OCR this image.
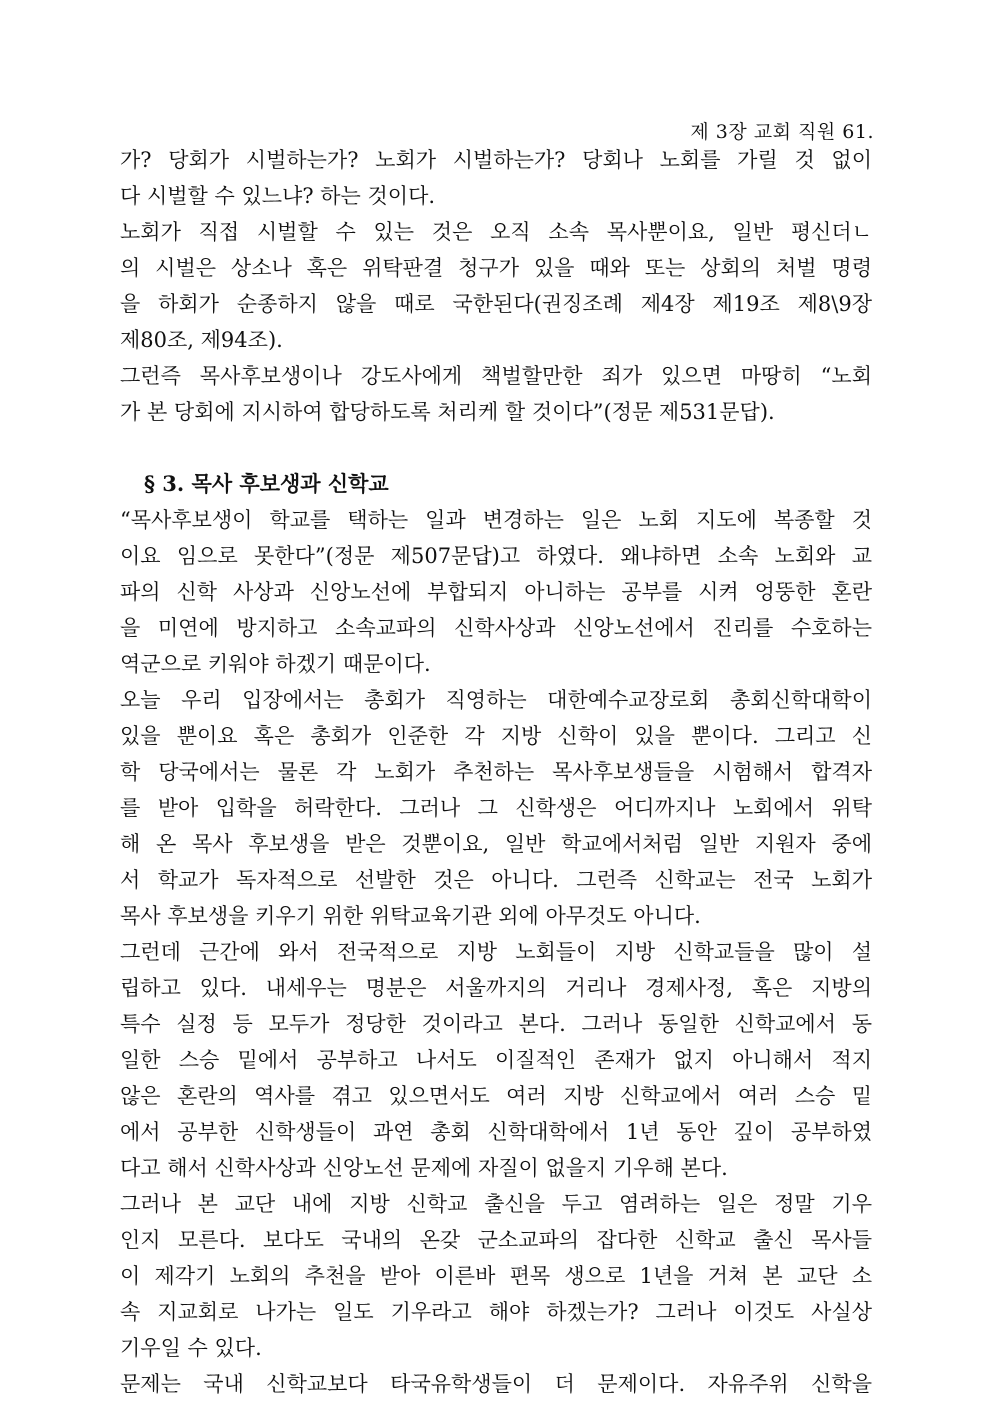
제 3장 교회 직원 61.
가? 당회가 시벌하는가? 노회가 시벌하는가? 당회나 노회를 가릴 것 없이
다 시벌할 수 있느냐? 하는 것이다.
노회가 직접 시벌할 수 있는 것은 오직 소속 목사뿐이요, 일반 평신더ㄴ
의 시벌은 상소나 혹은 위탁판결 청구가 있을 때와 또는 상회의 처벌 명령
을 하회가 순종하지 않을 때로 국한된다(권징조례 제4장 제19조 제8\9장
제80조, 제94조).
그런즉 목사후보생이나 강도사에게 책벌할만한 죄가 있으면 마땅히 “노회
가 본 당회에 지시하여 합당하도록 처리케 할 것이다”(정문 제531문답).
§ 3. 목사 후보생과 신학교
“목사후보생이 학교를 택하는 일과 변경하는 일은 노회 지도에 복종할 것
이요 임으로 못한다”(정문 제507문답)고 하였다. 왜냐하면 소속 노회와 교
파의 신학 사상과 신앙노선에 부합되지 아니하는 공부를 시켜 엉뚱한 혼란
을 미연에 방지하고 소속교파의 신학사상과 신앙노선에서 진리를 수호하는
역군으로 키워야 하겠기 때문이다.
오늘 우리 입장에서는 총회가 직영하는 대한예수교장로회 총회신학대학이
있을 뿐이요 혹은 총회가 인준한 각 지방 신학이 있을 뿐이다. 그리고 신
학 당국에서는 물론 각 노회가 추천하는 목사후보생들을 시험해서 합격자
를 받아 입학을 허락한다. 그러나 그 신학생은 어디까지나 노회에서 위탁
해 온 목사 후보생을 받은 것뿐이요, 일반 학교에서처럼 일반 지원자 중에
서 학교가 독자적으로 선발한 것은 아니다. 그런즉 신학교는 전국 노회가
목사 후보생을 키우기 위한 위탁교육기관 외에 아무것도 아니다.
그런데 근간에 와서 전국적으로 지방 노회들이 지방 신학교들을 많이 설
립하고 있다. 내세우는 명분은 서울까지의 거리나 경제사정, 혹은 지방의
특수 실정 등 모두가 정당한 것이라고 본다. 그러나 동일한 신학교에서 동
일한 스승 밑에서 공부하고 나서도 이질적인 존재가 없지 아니해서 적지
않은 혼란의 역사를 겪고 있으면서도 여러 지방 신학교에서 여러 스승 밑
에서 공부한 신학생들이 과연 총회 신학대학에서 1년 동안 깊이 공부하였
다고 해서 신학사상과 신앙노선 문제에 자질이 없을지 기우해 본다.
그러나 본 교단 내에 지방 신학교 출신을 두고 염려하는 일은 정말 기우
인지 모른다. 보다도 국내의 온갖 군소교파의 잡다한 신학교 출신 목사들
이 제각기 노회의 추천을 받아 이른바 편목 생으로 1년을 거쳐 본 교단 소
속 지교회로 나가는 일도 기우라고 해야 하겠는가? 그러나 이것도 사실상
기우일 수 있다.
문제는 국내 신학교보다 타국유학생들이 더 문제이다. 자유주위 신학을
